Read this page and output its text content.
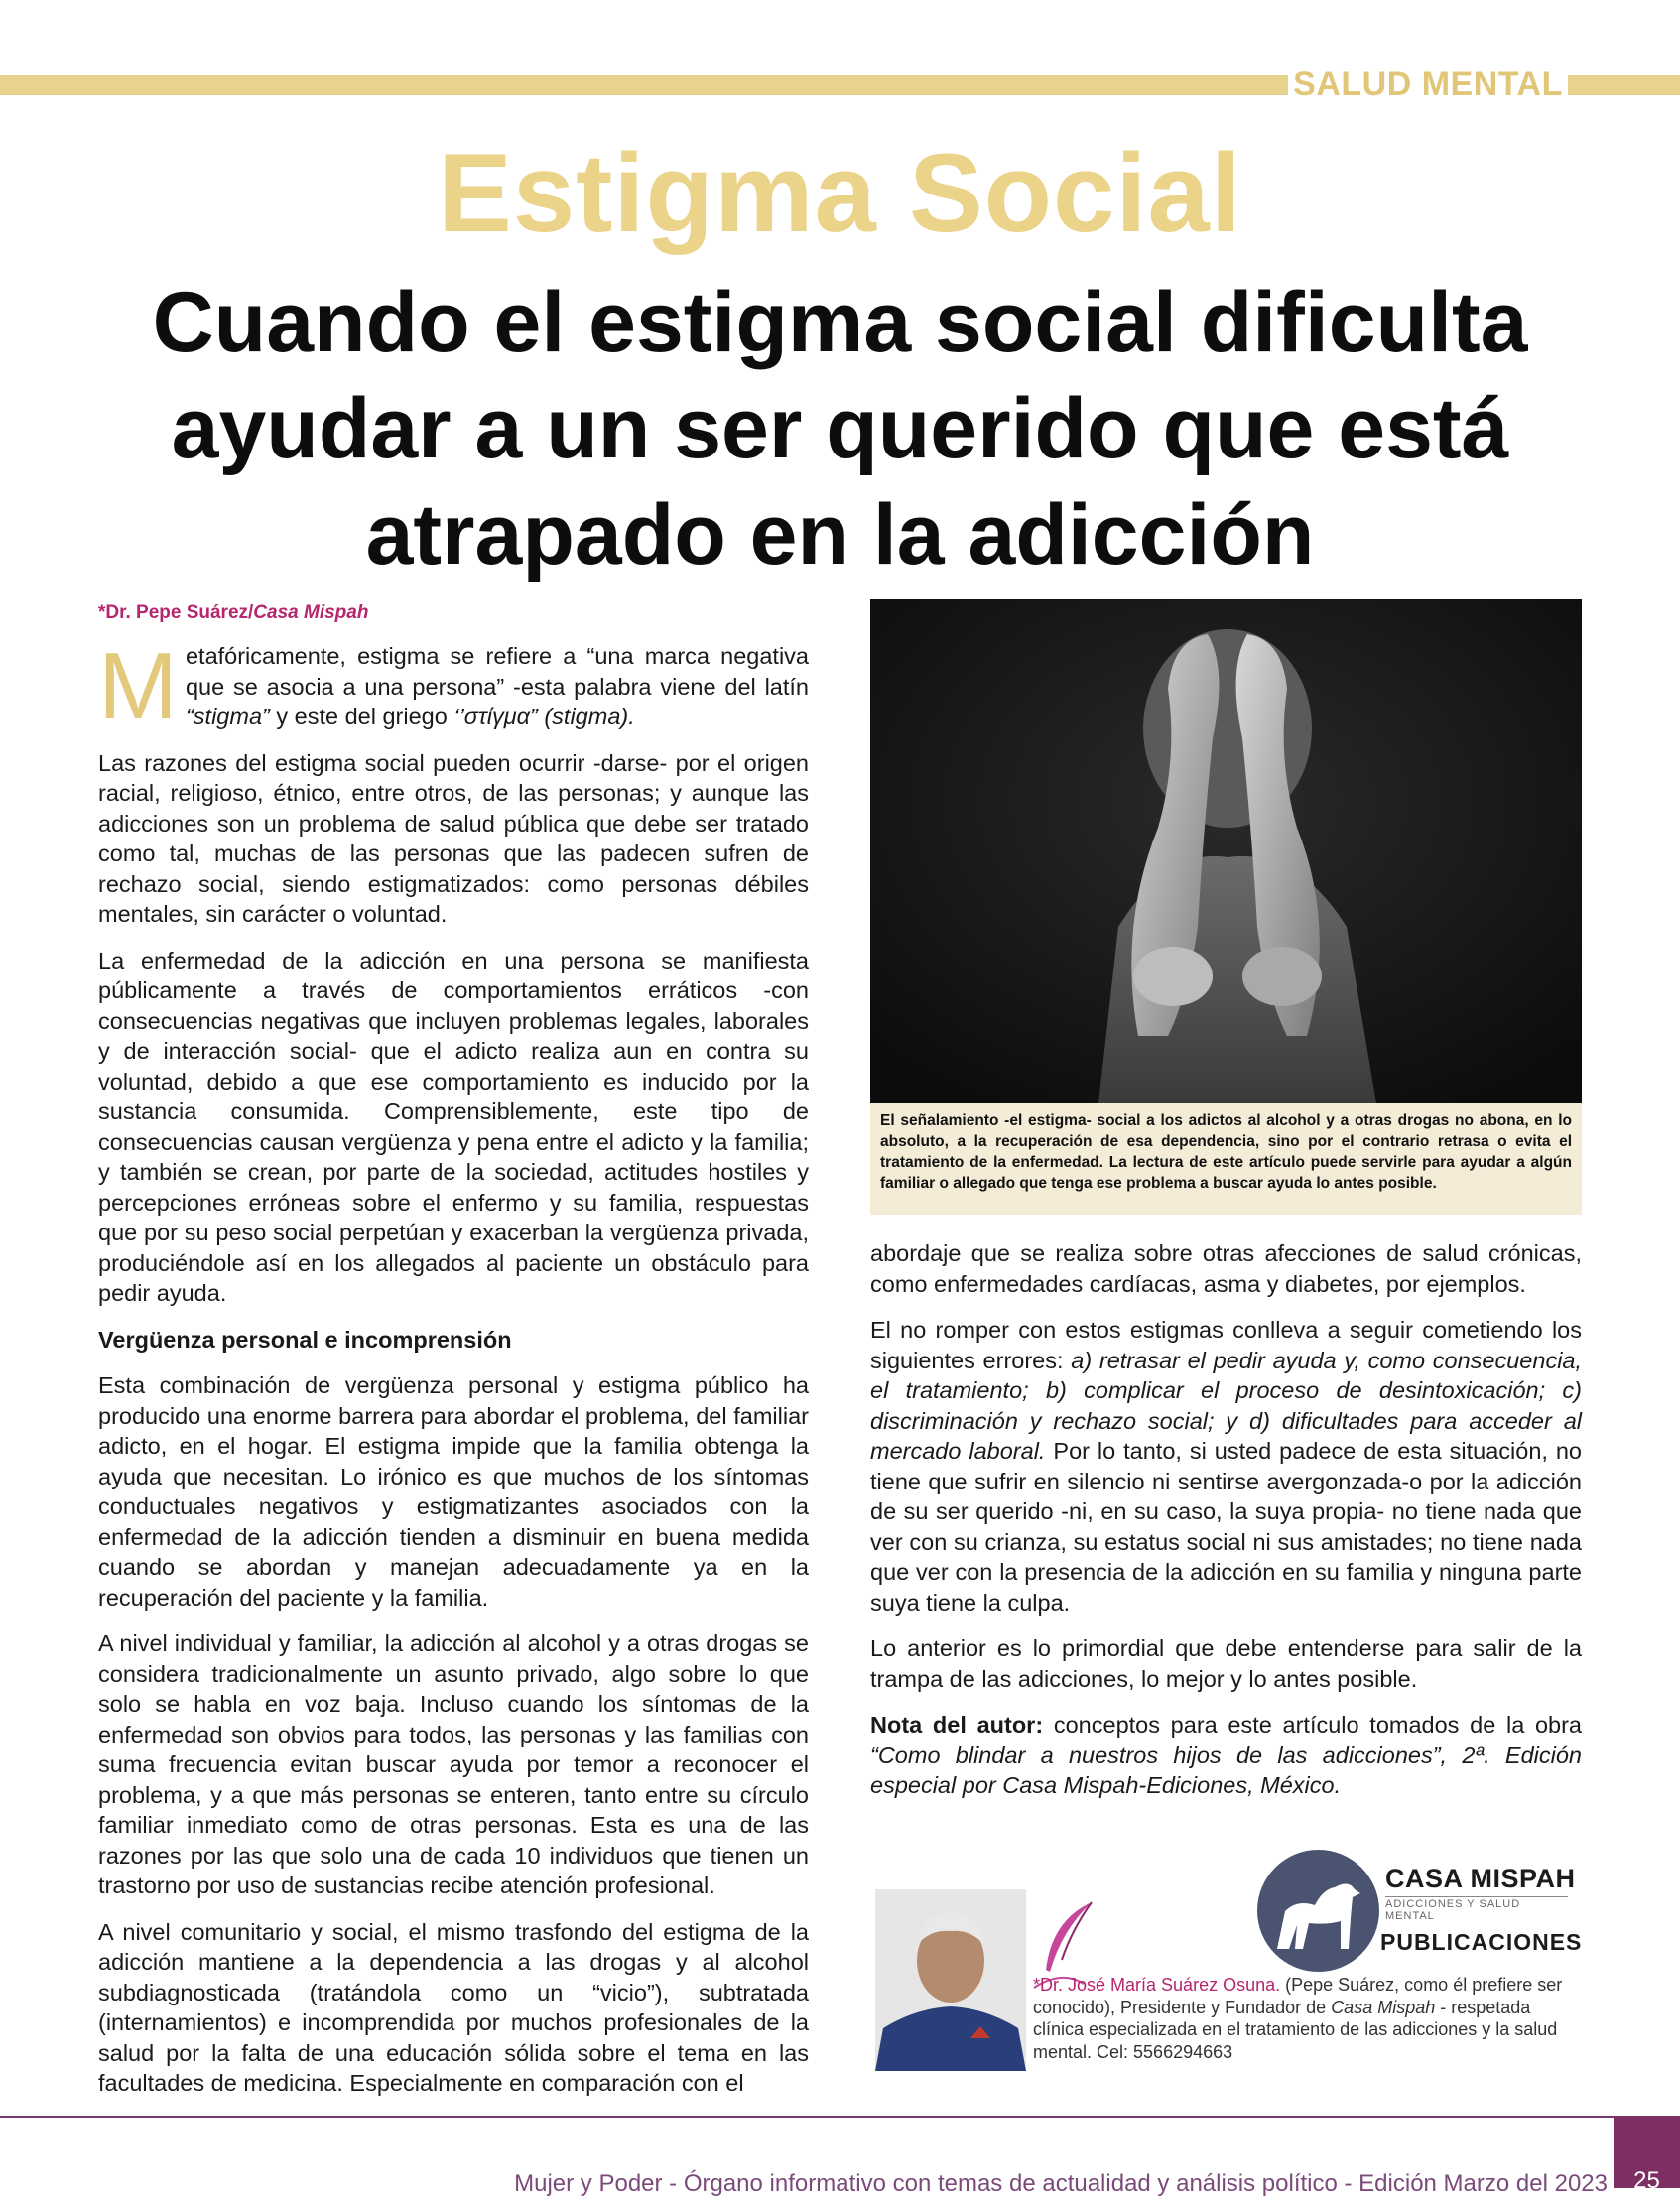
SALUD MENTAL
Estigma Social
Cuando el estigma social dificulta ayudar a un ser querido que está atrapado en la adicción

*Dr. Pepe Suárez/Casa Mispah

Metafóricamente, estigma se refiere a “una marca negativa que se asocia a una persona” -esta palabra viene del latín “stigma” y este del griego ‘’στίγμα” (stigma).

Las razones del estigma social pueden ocurrir -darse- por el origen racial, religioso, étnico, entre otros, de las personas; y aunque las adicciones son un problema de salud pública que debe ser tratado como tal, muchas de las personas que las padecen sufren de rechazo social, siendo estigmatizados: como personas débiles mentales, sin carácter o voluntad.

La enfermedad de la adicción en una persona se manifiesta públicamente a través de comportamientos erráticos -con consecuencias negativas que incluyen problemas legales, laborales y de interacción social- que el adicto realiza aun en contra su voluntad, debido a que ese comportamiento es inducido por la sustancia consumida. Comprensiblemente, este tipo de consecuencias causan vergüenza y pena entre el adicto y la familia; y también se crean, por parte de la sociedad, actitudes hostiles y percepciones erróneas sobre el enfermo y su familia, respuestas que por su peso social perpetúan y exacerban la vergüenza privada, produciéndole así en los allegados al paciente un obstáculo para pedir ayuda.

Vergüenza personal e incomprensión

Esta combinación de vergüenza personal y estigma público ha producido una enorme barrera para abordar el problema, del familiar adicto, en el hogar. El estigma impide que la familia obtenga la ayuda que necesitan. Lo irónico es que muchos de los síntomas conductuales negativos y estigmatizantes asociados con la enfermedad de la adicción tienden a disminuir en buena medida cuando se abordan y manejan adecuadamente ya en la recuperación del paciente y la familia.

A nivel individual y familiar, la adicción al alcohol y a otras drogas se considera tradicionalmente un asunto privado, algo sobre lo que solo se habla en voz baja. Incluso cuando los síntomas de la enfermedad son obvios para todos, las personas y las familias con suma frecuencia evitan buscar ayuda por temor a reconocer el problema, y a que más personas se enteren, tanto entre su círculo familiar inmediato como de otras personas. Esta es una de las razones por las que solo una de cada 10 individuos que tienen un trastorno por uso de sustancias recibe atención profesional.

A nivel comunitario y social, el mismo trasfondo del estigma de la adicción mantiene a la dependencia a las drogas y al alcohol subdiagnosticada (tratándola como un “vicio”), subtratada (internamientos) e incomprendida por muchos profesionales de la salud por la falta de una educación sólida sobre el tema en las facultades de medicina. Especialmente en comparación con el

El señalamiento -el estigma- social a los adictos al alcohol y a otras drogas no abona, en lo absoluto, a la recuperación de esa dependencia, sino por el contrario retrasa o evita el tratamiento de la enfermedad. La lectura de este artículo puede servirle para ayudar a algún familiar o allegado que tenga ese problema a buscar ayuda lo antes posible.

abordaje que se realiza sobre otras afecciones de salud crónicas, como enfermedades cardíacas, asma y diabetes, por ejemplos.

El no romper con estos estigmas conlleva a seguir cometiendo los siguientes errores: a) retrasar el pedir ayuda y, como consecuencia, el tratamiento; b) complicar el proceso de desintoxicación; c) discriminación y rechazo social; y d) dificultades para acceder al mercado laboral. Por lo tanto, si usted padece de esta situación, no tiene que sufrir en silencio ni sentirse avergonzada-o por la adicción de su ser querido -ni, en su caso, la suya propia- no tiene nada que ver con su crianza, su estatus social ni sus amistades; no tiene nada que ver con la presencia de la adicción en su familia y ninguna parte suya tiene la culpa.

Lo anterior es lo primordial que debe entenderse para salir de la trampa de las adicciones, lo mejor y lo antes posible.

Nota del autor: conceptos para este artículo tomados de la obra “Como blindar a nuestros hijos de las adicciones”, 2ª. Edición especial por Casa Mispah-Ediciones, México.

CASA MISPAH
ADICCIONES Y SALUD MENTAL
PUBLICACIONES

*Dr. José María Suárez Osuna. (Pepe Suárez, como él prefiere ser conocido), Presidente y Fundador de Casa Mispah - respetada clínica especializada en el tratamiento de las adicciones y la salud mental. Cel: 5566294663

Mujer y Poder - Órgano informativo con temas de actualidad y análisis político - Edición Marzo del 2023	25
